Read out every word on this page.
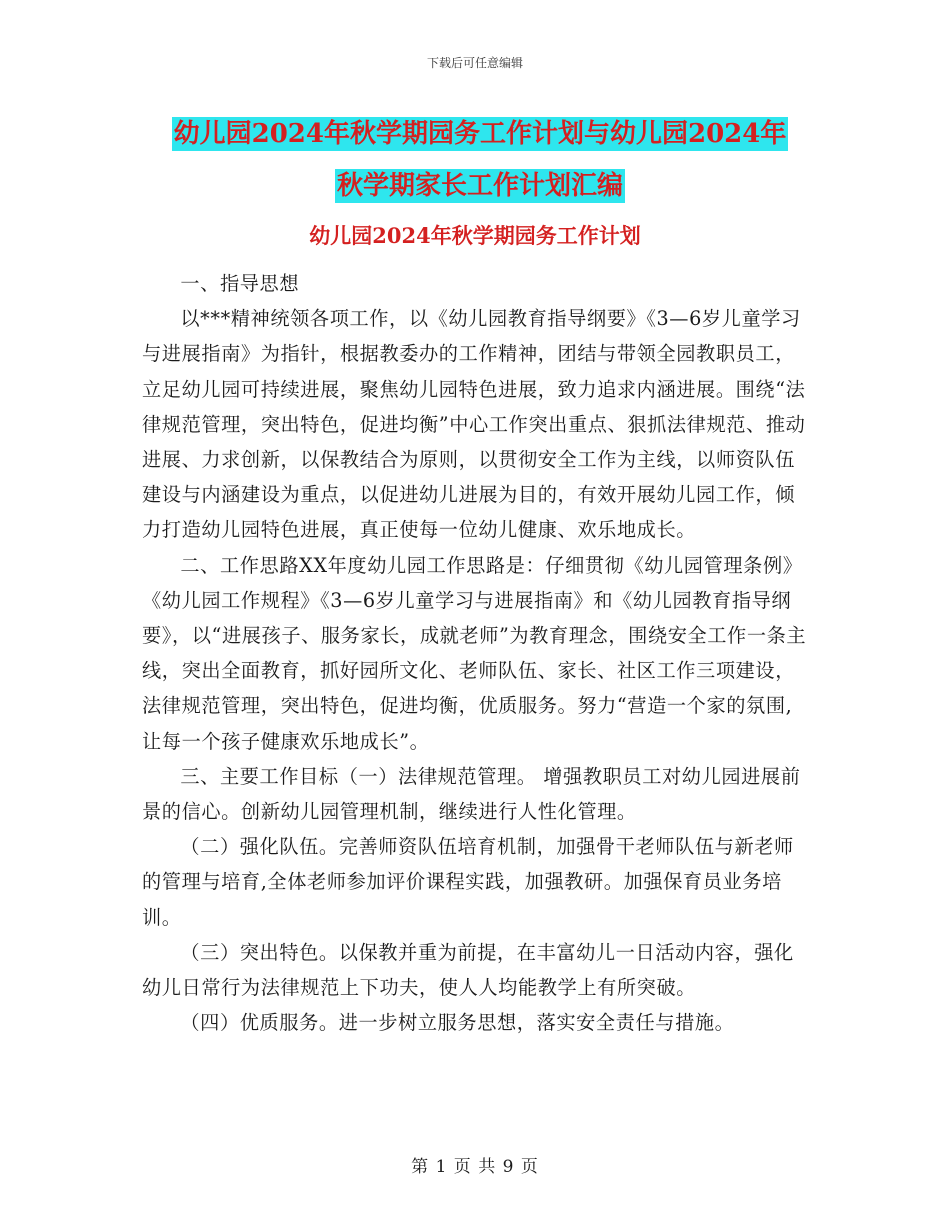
下载后可任意编辑
幼儿园2024年秋学期园务工作计划与幼儿园2024年
秋学期家长工作计划汇编
幼儿园2024年秋学期园务工作计划

一、指导思想

以***精神统领各项工作，以《幼儿园教育指导纲要》《3—6岁儿童学习与进展指南》为指针，根据教委办的工作精神，团结与带领全园教职员工，立足幼儿园可持续进展，聚焦幼儿园特色进展，致力追求内涵进展。围绕“法律规范管理，突出特色，促进均衡”中心工作突出重点、狠抓法律规范、推动进展、力求创新，以保教结合为原则，以贯彻安全工作为主线，以师资队伍建设与内涵建设为重点，以促进幼儿进展为目的，有效开展幼儿园工作，倾力打造幼儿园特色进展，真正使每一位幼儿健康、欢乐地成长。

二、工作思路XX年度幼儿园工作思路是：仔细贯彻《幼儿园管理条例》《幼儿园工作规程》《3—6岁儿童学习与进展指南》和《幼儿园教育指导纲要》，以“进展孩子、服务家长，成就老师”为教育理念，围绕安全工作一条主线，突出全面教育，抓好园所文化、老师队伍、家长、社区工作三项建设，法律规范管理，突出特色，促进均衡，优质服务。努力“营造一个家的氛围,让每一个孩子健康欢乐地成长”。

三、主要工作目标（一）法律规范管理。 增强教职员工对幼儿园进展前景的信心。创新幼儿园管理机制，继续进行人性化管理。

（二）强化队伍。完善师资队伍培育机制，加强骨干老师队伍与新老师的管理与培育,全体老师参加评价课程实践，加强教研。加强保育员业务培训。

（三）突出特色。以保教并重为前提，在丰富幼儿一日活动内容，强化幼儿日常行为法律规范上下功夫，使人人均能教学上有所突破。

（四）优质服务。进一步树立服务思想，落实安全责任与措施。

第 1 页 共 9 页
